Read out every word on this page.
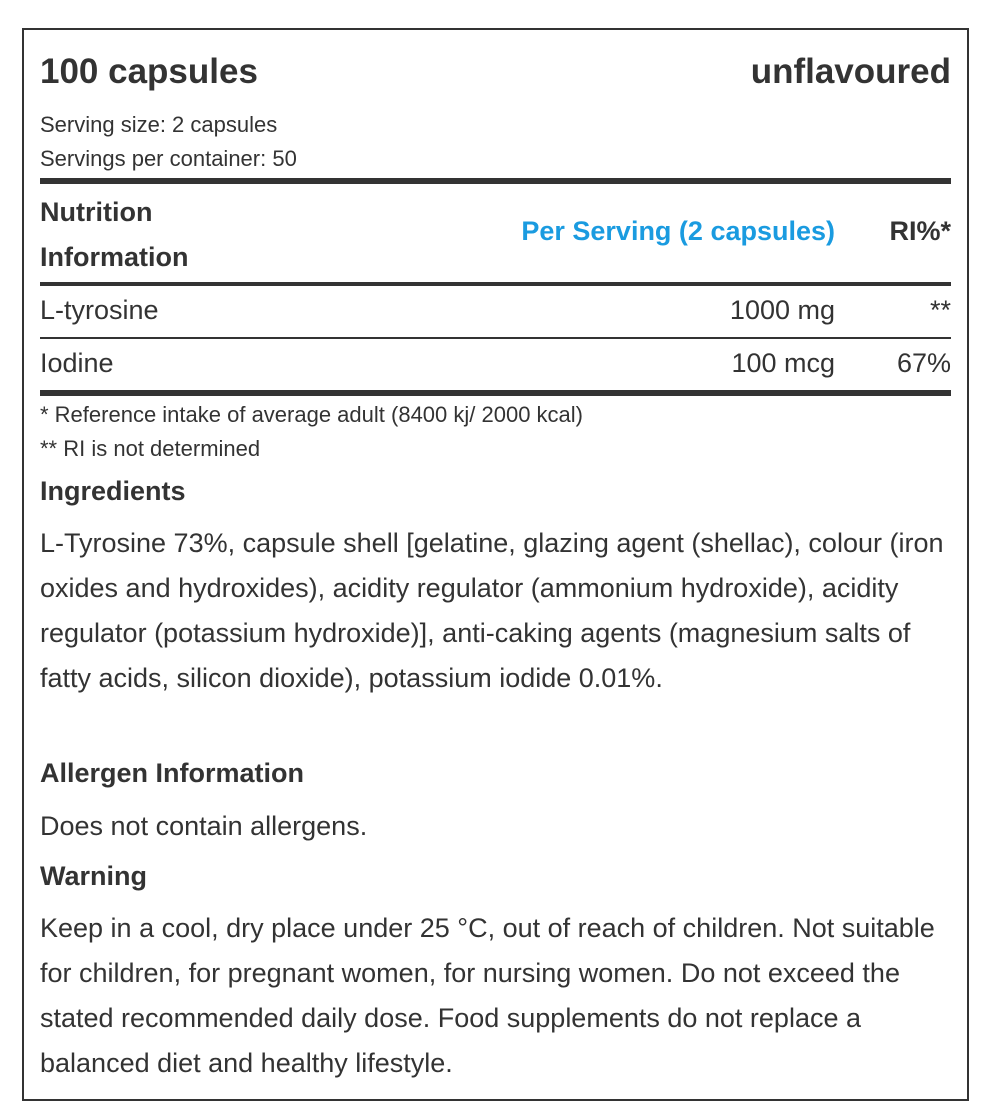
100 capsules	unflavoured
Serving size: 2 capsules
Servings per container: 50
Nutrition
Information
Per Serving (2 capsules) RI%*
L-tyrosine	1000 mg	**
Iodine	100 mcg 67%
* Reference intake of average adult (8400 kj/ 2000 kcal)
** RI is not determined
Ingredients
L-Tyrosine 73%, capsule shell [gelatine, glazing agent (shellac), colour (iron oxides and hydroxides), acidity regulator (ammonium hydroxide), acidity regulator (potassium hydroxide)], anti-caking agents (magnesium salts of fatty acids, silicon dioxide), potassium iodide 0.01%.
Allergen Information
Does not contain allergens.
Warning
Keep in a cool, dry place under 25 °C, out of reach of children. Not suitable for children, for pregnant women, for nursing women. Do not exceed the stated recommended daily dose. Food supplements do not replace a balanced diet and healthy lifestyle.
